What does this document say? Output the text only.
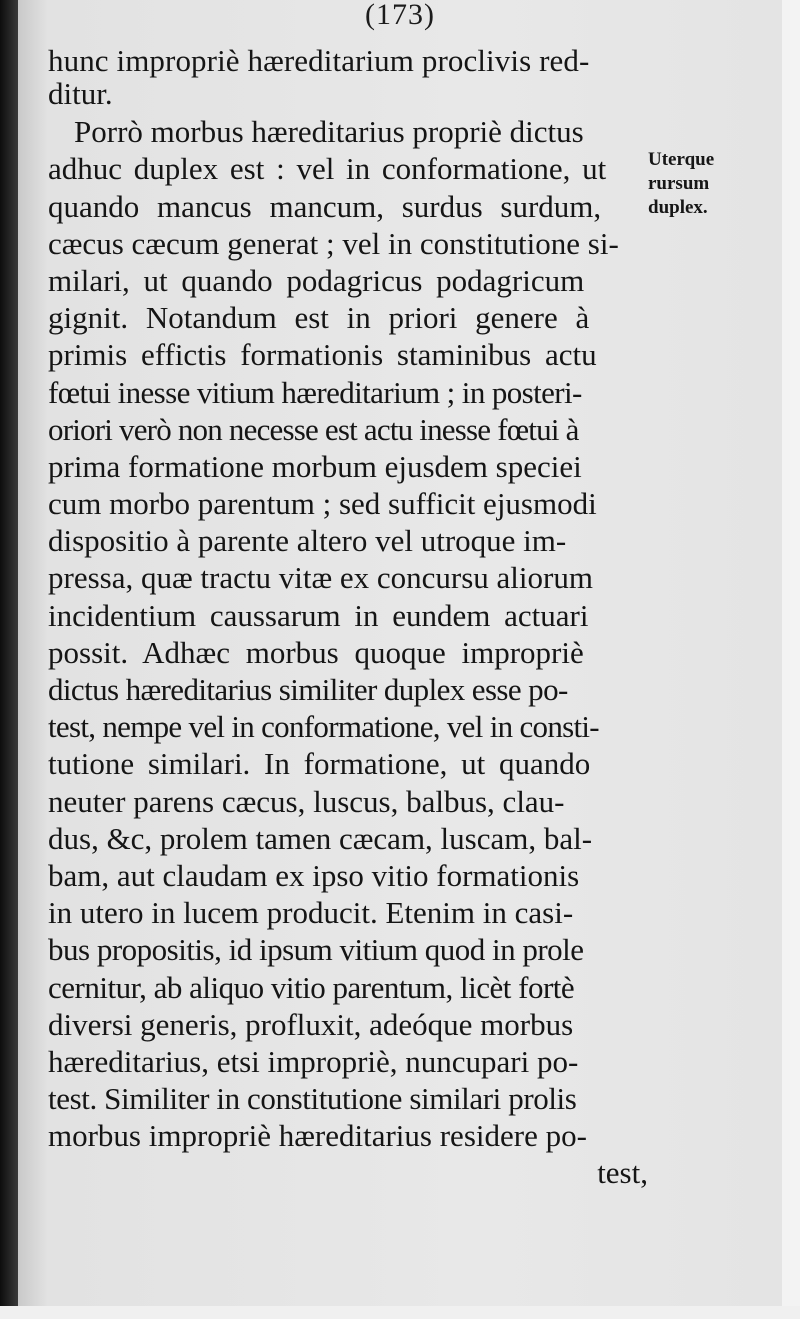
(173)
hunc impropriè hæreditarium proclivis red-
ditur.
Porrò morbus hæreditarius propriè dictus
adhuc duplex est : vel in conformatione, ut
quando mancus mancum, surdus surdum,
cæcus cæcum generat ; vel in constitutione si-
milari, ut quando podagricus podagricum
gignit. Notandum est in priori genere à
primis effictis formationis staminibus actu
fœtui inesse vitium hæreditarium ; in posteri-
oriori verò non necesse est actu inesse fœtui à
prima formatione morbum ejusdem speciei
cum morbo parentum ; sed sufficit ejusmodi
dispositio à parente altero vel utroque im-
pressa, quæ tractu vitæ ex concursu aliorum
incidentium caussarum in eundem actuari
possit. Adhæc morbus quoque impropriè
dictus hæreditarius similiter duplex esse po-
test, nempe vel in conformatione, vel in consti-
tutione similari. In formatione, ut quando
neuter parens cæcus, luscus, balbus, clau-
dus, &c, prolem tamen cæcam, luscam, bal-
bam, aut claudam ex ipso vitio formationis
in utero in lucem producit. Etenim in casi-
bus propositis, id ipsum vitium quod in prole
cernitur, ab aliquo vitio parentum, licèt fortè
diversi generis, profluxit, adeóque morbus
hæreditarius, etsi impropriè, nuncupari po-
test. Similiter in constitutione similari prolis
morbus impropriè hæreditarius residere po-
test,
Uterque
rursum
duplex.
